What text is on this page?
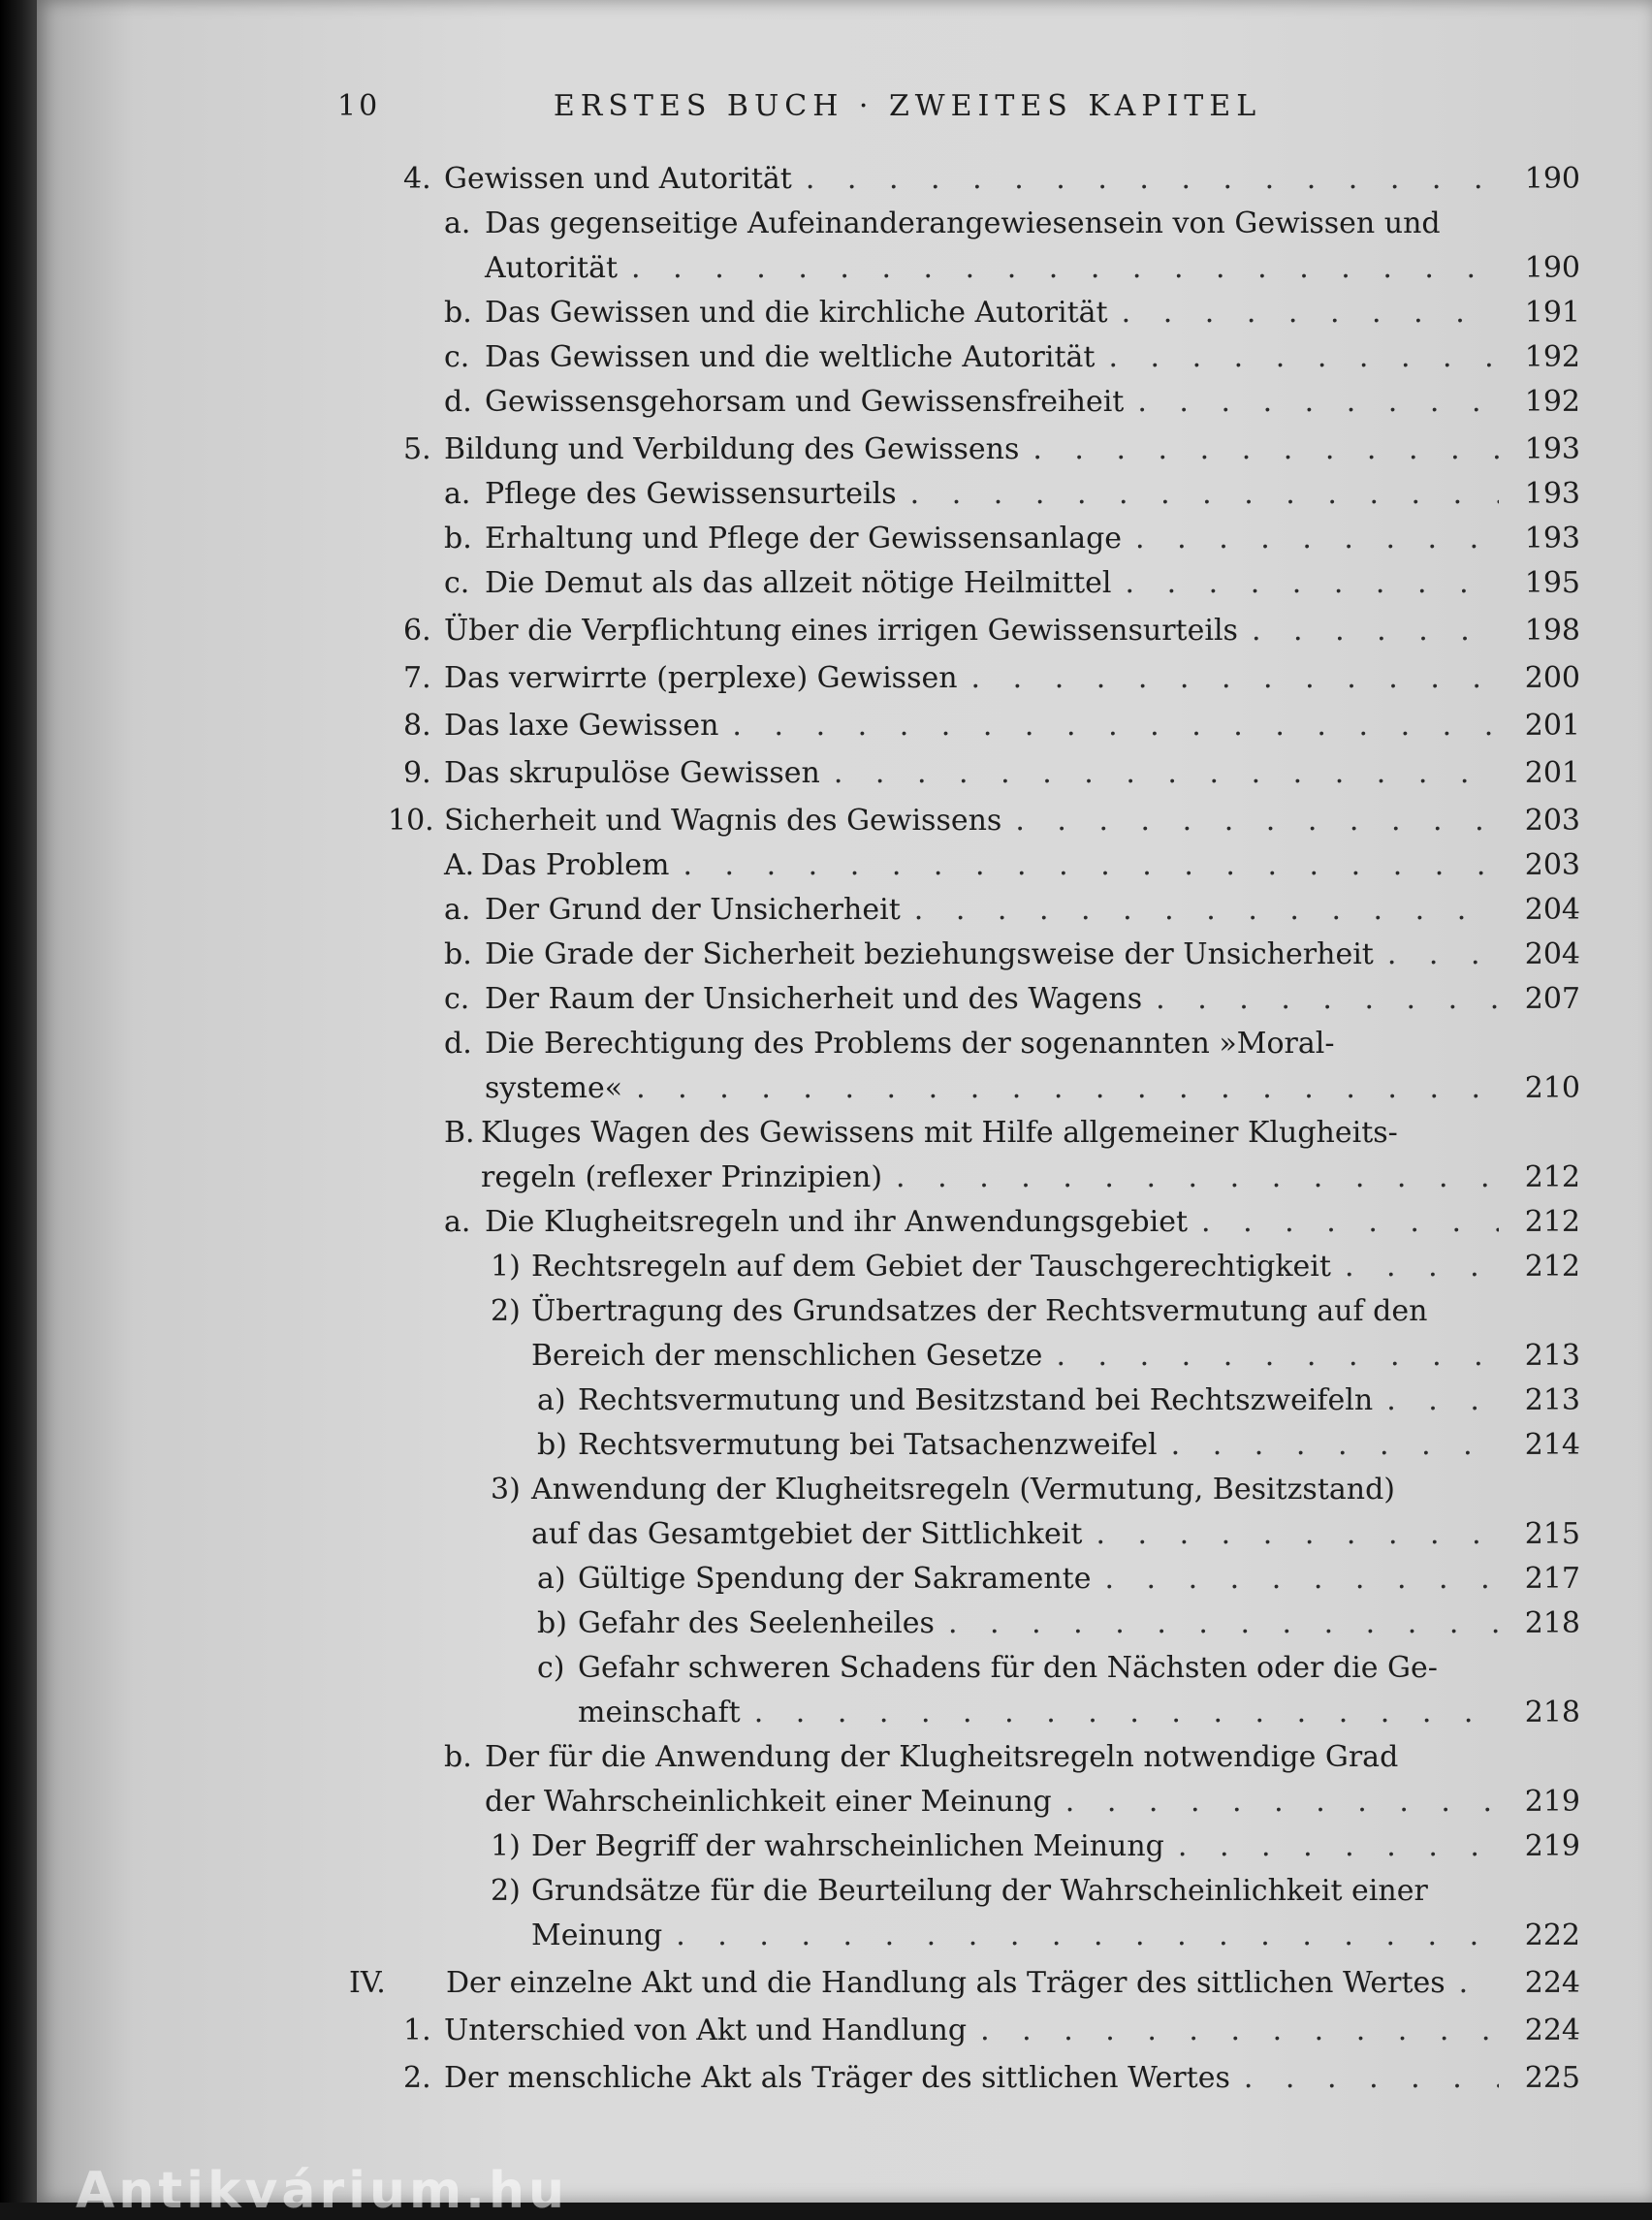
10	ERSTES BUCH · ZWEITES KAPITEL
4. Gewissen und Autorität . . .	190
a. Das gegenseitige Aufeinanderangewiesensein von Gewissen und
Autorität . . .	190
b. Das Gewissen und die kirchliche Autorität . . .	191
c. Das Gewissen und die weltliche Autorität . . .	192
d. Gewissensgehorsam und Gewissensfreiheit . . .	192
5. Bildung und Verbildung des Gewissens . . .	193
a. Pflege des Gewissensurteils . . .	193
b. Erhaltung und Pflege der Gewissensanlage . . .	193
c. Die Demut als das allzeit nötige Heilmittel . . .	195
6. Über die Verpflichtung eines irrigen Gewissensurteils . . .	198
7. Das verwirrte (perplexe) Gewissen . . .	200
8. Das laxe Gewissen . . .	201
9. Das skrupulöse Gewissen . . .	201
10. Sicherheit und Wagnis des Gewissens . . .	203
A. Das Problem . . .	203
a. Der Grund der Unsicherheit . . .	204
b. Die Grade der Sicherheit beziehungsweise der Unsicherheit . . .	204
c. Der Raum der Unsicherheit und des Wagens . . .	207
d. Die Berechtigung des Problems der sogenannten »Moral-
systeme« . . .	210
B. Kluges Wagen des Gewissens mit Hilfe allgemeiner Klugheits-
regeln (reflexer Prinzipien) . . .	212
a. Die Klugheitsregeln und ihr Anwendungsgebiet . . .	212
1) Rechtsregeln auf dem Gebiet der Tauschgerechtigkeit . . .	212
2) Übertragung des Grundsatzes der Rechtsvermutung auf den
Bereich der menschlichen Gesetze . . .	213
a) Rechtsvermutung und Besitzstand bei Rechtszweifeln . . .	213
b) Rechtsvermutung bei Tatsachenzweifel . . .	214
3) Anwendung der Klugheitsregeln (Vermutung, Besitzstand)
auf das Gesamtgebiet der Sittlichkeit . . .	215
a) Gültige Spendung der Sakramente . . .	217
b) Gefahr des Seelenheiles . . .	218
c) Gefahr schweren Schadens für den Nächsten oder die Ge-
meinschaft . . .	218
b. Der für die Anwendung der Klugheitsregeln notwendige Grad
der Wahrscheinlichkeit einer Meinung . . .	219
1) Der Begriff der wahrscheinlichen Meinung . . .	219
2) Grundsätze für die Beurteilung der Wahrscheinlichkeit einer
Meinung . . .	222
IV. Der einzelne Akt und die Handlung als Träger des sittlichen Wertes . . .	224
1. Unterschied von Akt und Handlung . . .	224
2. Der menschliche Akt als Träger des sittlichen Wertes . . .	225
Antikvárium.hu
